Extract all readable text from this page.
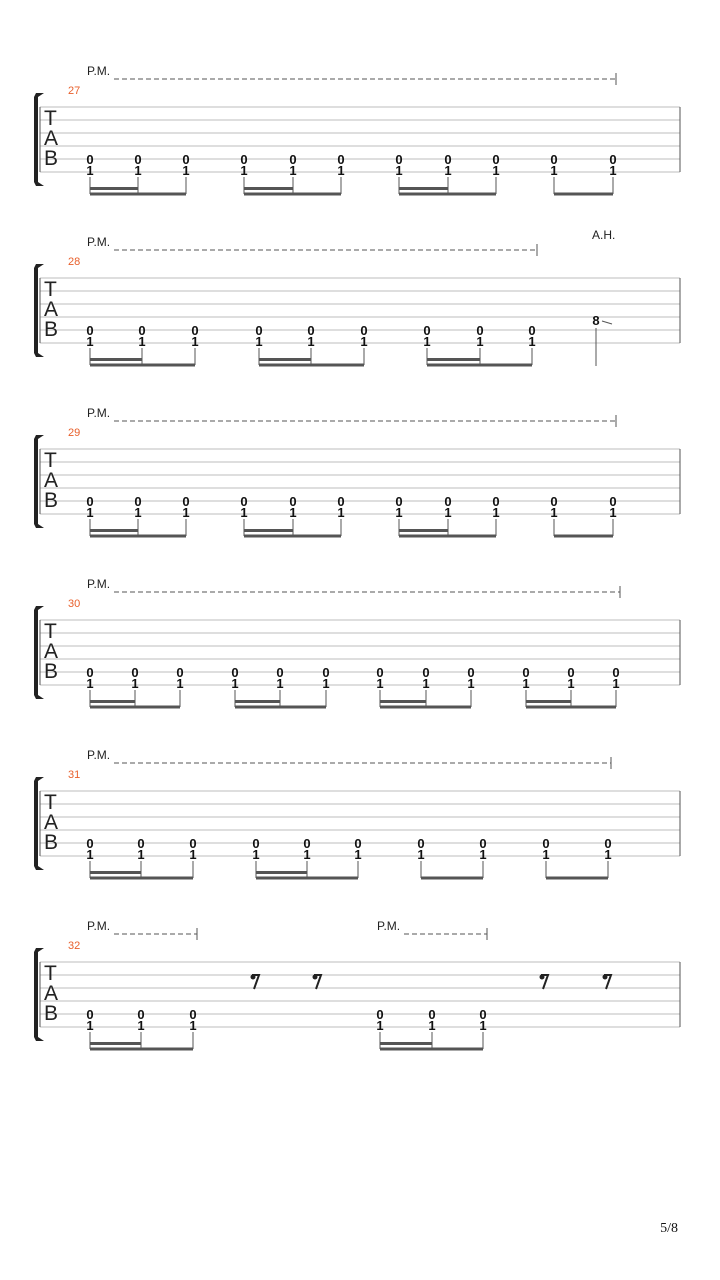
T
A
B
27
P.M.
0
1
0
1
0
1
0
1
0
1
0
1
0
1
0
1
0
1
0
1
0
1
T
A
B
28
P.M.
0
1
0
1
0
1
0
1
0
1
0
1
0
1
0
1
0
1
A.H.
8
T
A
B
29
P.M.
0
1
0
1
0
1
0
1
0
1
0
1
0
1
0
1
0
1
0
1
0
1
T
A
B
30
P.M.
0
1
0
1
0
1
0
1
0
1
0
1
0
1
0
1
0
1
0
1
0
1
0
1
T
A
B
31
P.M.
0
1
0
1
0
1
0
1
0
1
0
1
0
1
0
1
0
1
0
1
T
A
B
32
P.M.	P.M.
0
1
0
1
0
1
0
1
0
1
0
1
5/8
